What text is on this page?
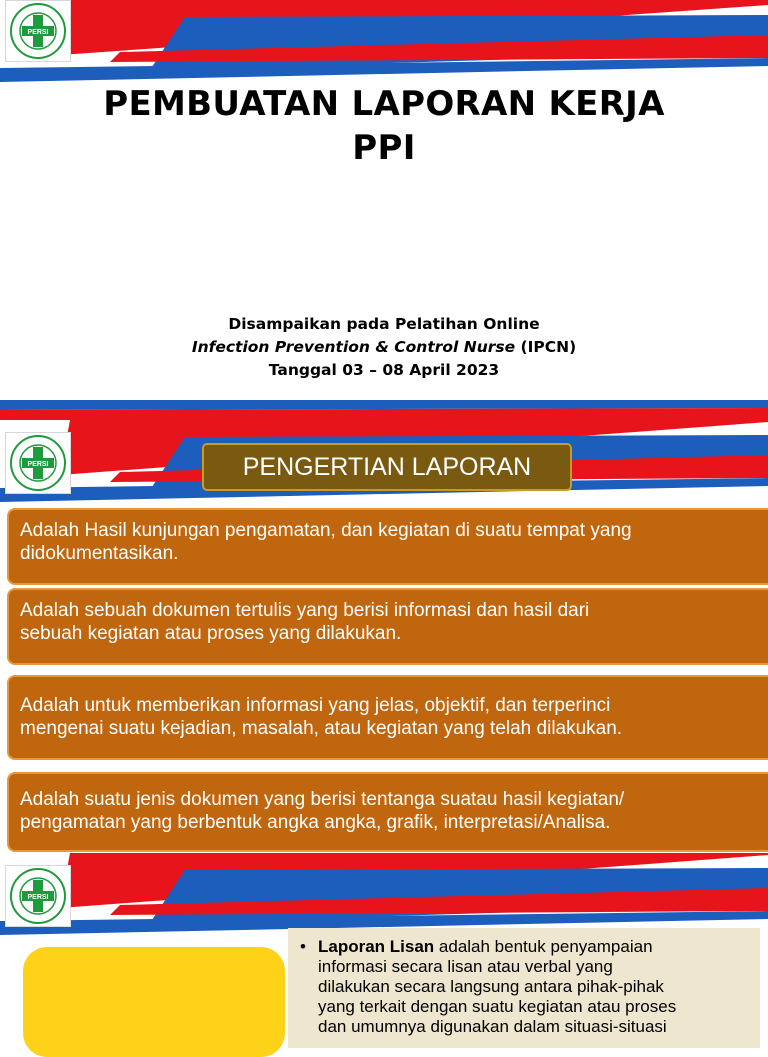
PERSI
PEMBUATAN LAPORAN KERJA
PPI
Disampaikan pada Pelatihan Online
Infection Prevention & Control Nurse (IPCN)
Tanggal 03 – 08 April 2023
PERSI	PENGERTIAN LAPORAN
Adalah Hasil kunjungan pengamatan, dan kegiatan di suatu tempat yang
didokumentasikan.
Adalah sebuah dokumen tertulis yang berisi informasi dan hasil dari
sebuah kegiatan atau proses yang dilakukan.
Adalah untuk memberikan informasi yang jelas, objektif, dan terperinci
mengenai suatu kejadian, masalah, atau kegiatan yang telah dilakukan.
Adalah suatu jenis dokumen yang berisi tentanga suatau hasil kegiatan/
pengamatan yang berbentuk angka angka, grafik, interpretasi/Analisa.
PERSI
• Laporan Lisan adalah bentuk penyampaian
informasi secara lisan atau verbal yang
dilakukan secara langsung antara pihak-pihak
yang terkait dengan suatu kegiatan atau proses
dan umumnya digunakan dalam situasi-situasi
